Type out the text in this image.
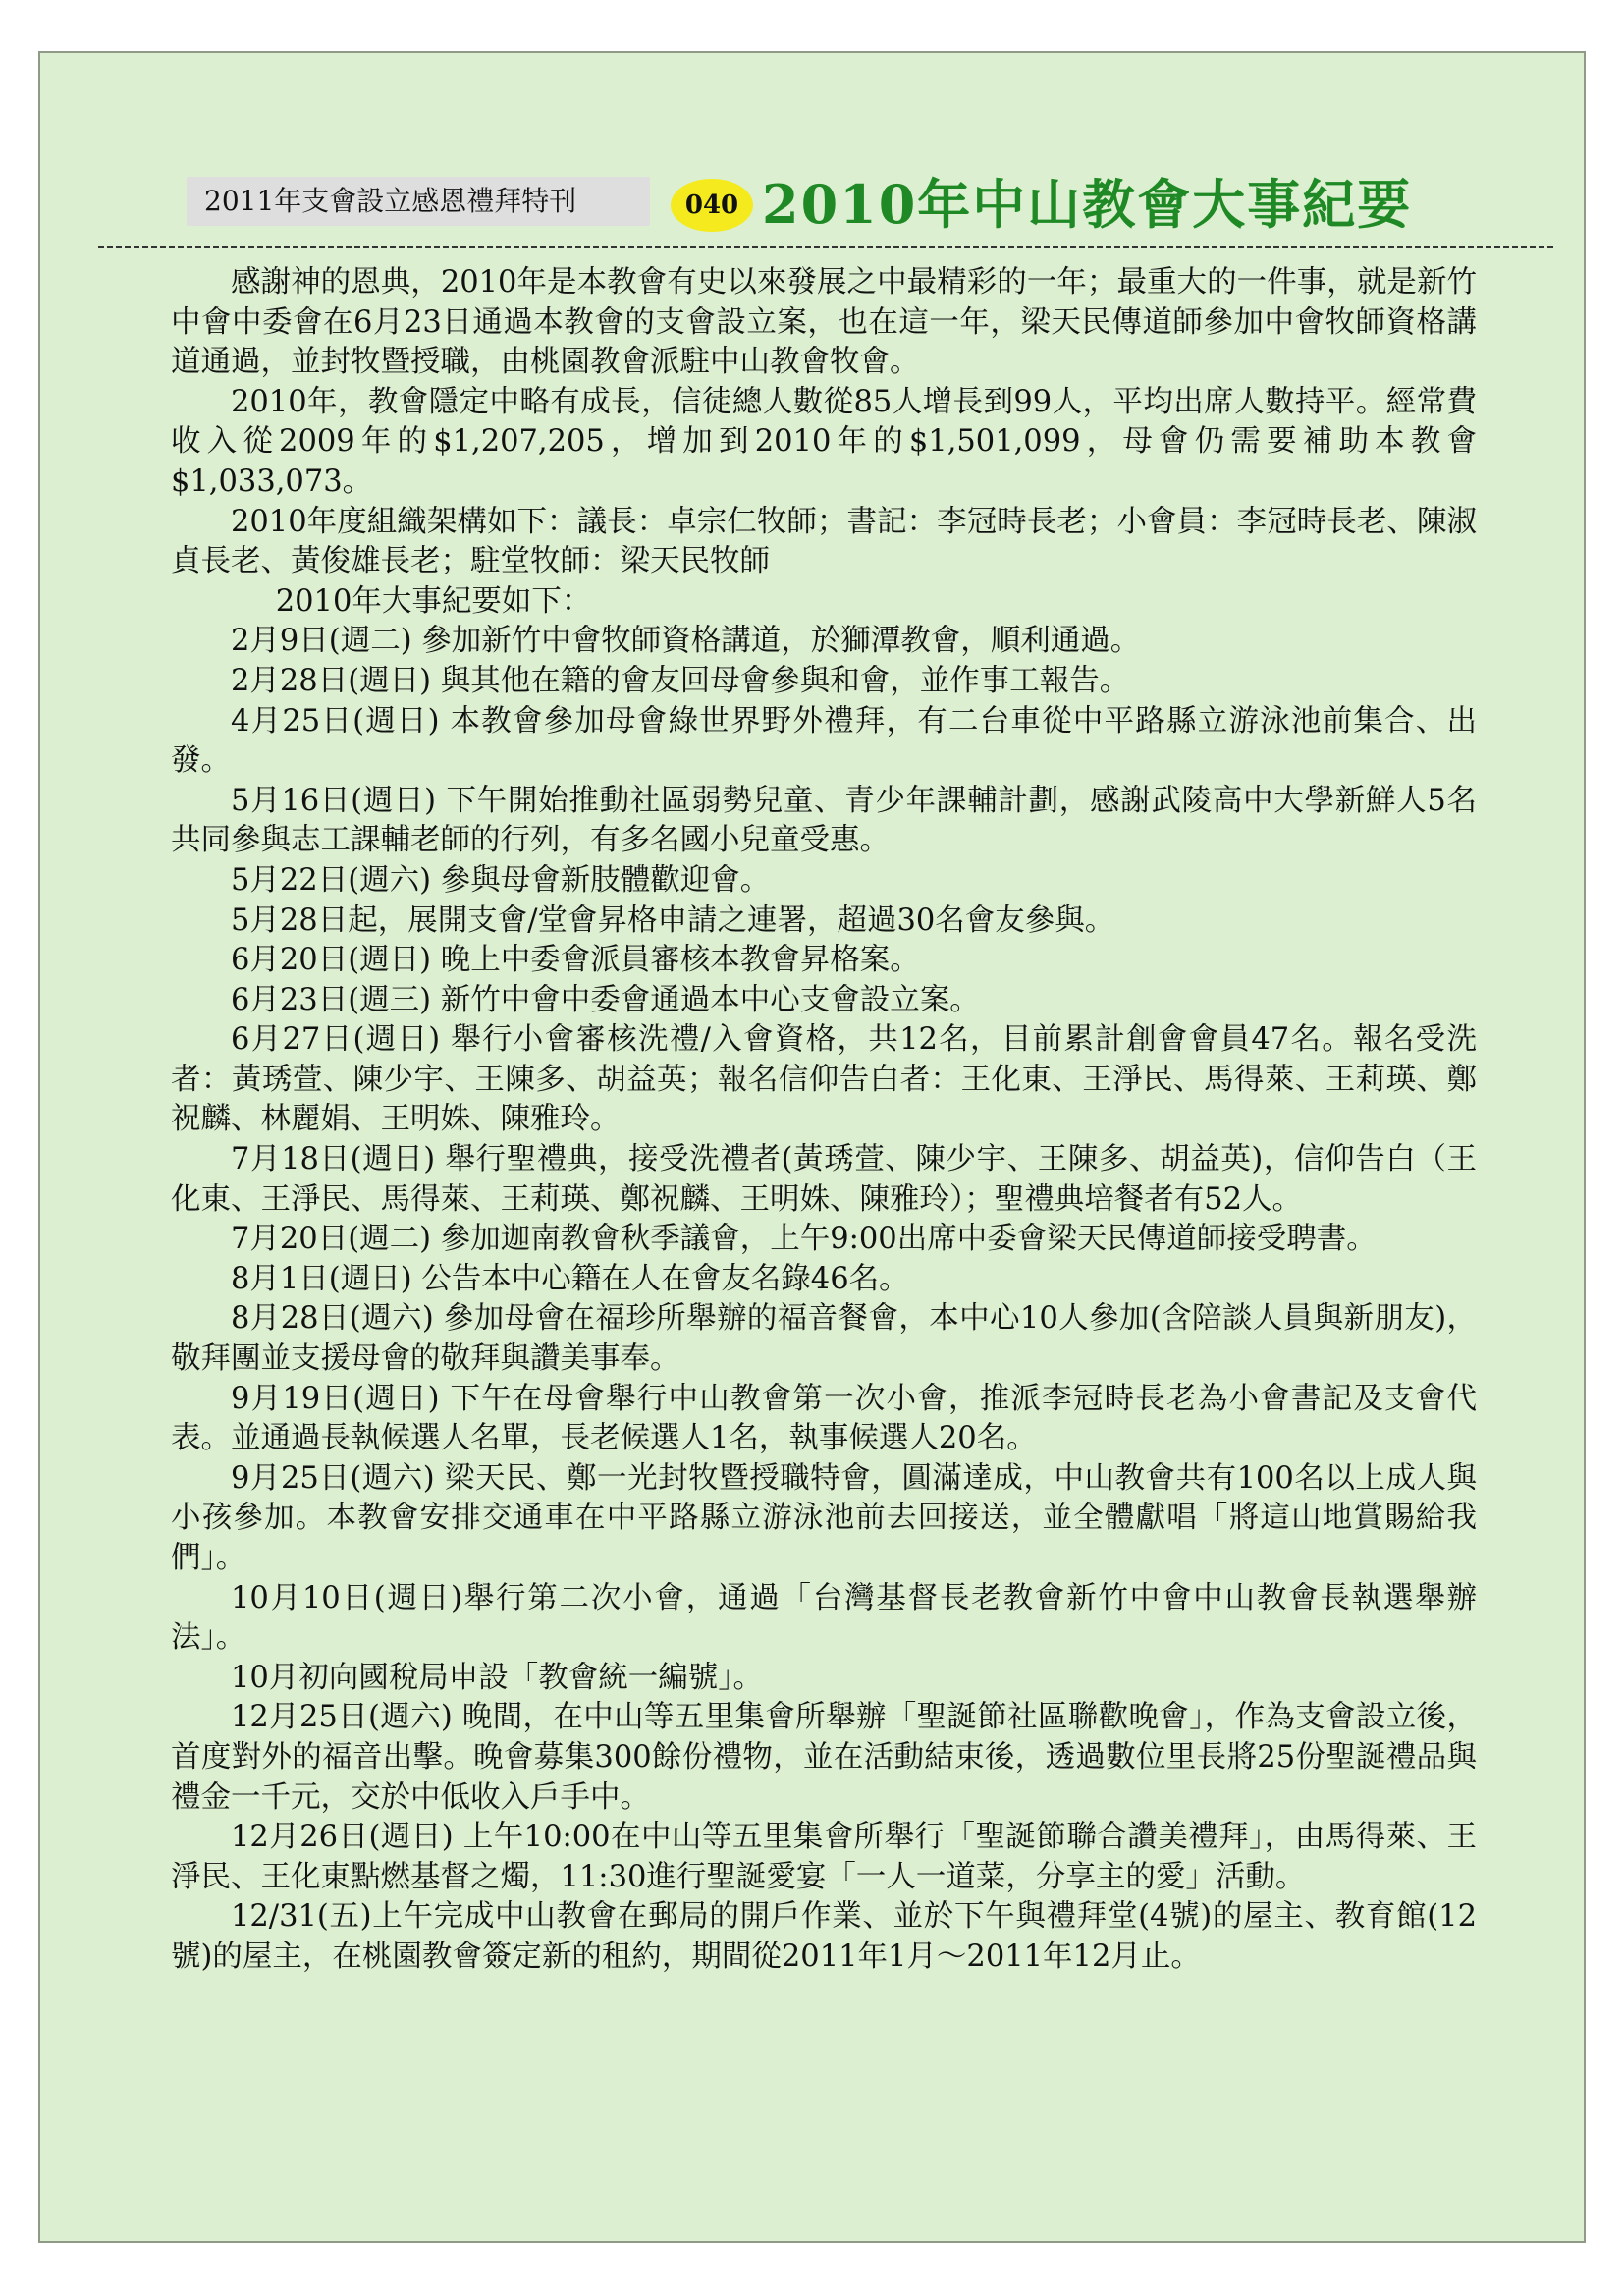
2011年支會設立感恩禮拜特刊	040 2010年中山教會大事紀要

感謝神的恩典，2010年是本教會有史以來發展之中最精彩的一年；最重大的一件事，就是新竹中會中委會在6月23日通過本教會的支會設立案，也在這一年，梁天民傳道師參加中會牧師資格講道通過，並封牧暨授職，由桃園教會派駐中山教會牧會。

2010年，教會隱定中略有成長，信徒總人數從85人增長到99人，平均出席人數持平。經常費收入從2009年的$1,207,205，增加到2010年的$1,501,099，母會仍需要補助本教會$1,033,073。

2010年度組織架構如下：議長：卓宗仁牧師；書記：李冠時長老；小會員：李冠時長老、陳淑貞長老、黃俊雄長老；駐堂牧師：梁天民牧師

2010年大事紀要如下：

2月9日(週二) 參加新竹中會牧師資格講道，於獅潭教會，順利通過。

2月28日(週日) 與其他在籍的會友回母會參與和會，並作事工報告。

4月25日(週日) 本教會參加母會綠世界野外禮拜，有二台車從中平路縣立游泳池前集合、出發。

5月16日(週日) 下午開始推動社區弱勢兒童、青少年課輔計劃，感謝武陵高中大學新鮮人5名共同參與志工課輔老師的行列，有多名國小兒童受惠。

5月22日(週六) 參與母會新肢體歡迎會。

5月28日起，展開支會/堂會昇格申請之連署，超過30名會友參與。

6月20日(週日) 晚上中委會派員審核本教會昇格案。

6月23日(週三) 新竹中會中委會通過本中心支會設立案。

6月27日(週日) 舉行小會審核洗禮/入會資格，共12名，目前累計創會會員47名。報名受洗者：黃琇萱、陳少宇、王陳多、胡益英；報名信仰告白者：王化東、王淨民、馬得萊、王莉瑛、鄭祝麟、林麗娟、王明姝、陳雅玲。

7月18日(週日) 舉行聖禮典，接受洗禮者(黃琇萱、陳少宇、王陳多、胡益英)，信仰告白（王化東、王淨民、馬得萊、王莉瑛、鄭祝麟、王明姝、陳雅玲）；聖禮典培餐者有52人。

7月20日(週二) 參加迦南教會秋季議會，上午9:00出席中委會梁天民傳道師接受聘書。

8月1日(週日) 公告本中心籍在人在會友名錄46名。

8月28日(週六) 參加母會在福珍所舉辦的福音餐會，本中心10人參加(含陪談人員與新朋友)，敬拜團並支援母會的敬拜與讚美事奉。

9月19日(週日) 下午在母會舉行中山教會第一次小會，推派李冠時長老為小會書記及支會代表。並通過長執候選人名單，長老候選人1名，執事候選人20名。

9月25日(週六) 梁天民、鄭一光封牧暨授職特會，圓滿達成，中山教會共有100名以上成人與小孩參加。本教會安排交通車在中平路縣立游泳池前去回接送，並全體獻唱「將這山地賞賜給我們」。

10月10日(週日)舉行第二次小會，通過「台灣基督長老教會新竹中會中山教會長執選舉辦法」。

10月初向國稅局申設「教會統一編號」。

12月25日(週六) 晚間，在中山等五里集會所舉辦「聖誕節社區聯歡晚會」，作為支會設立後，首度對外的福音出擊。晚會募集300餘份禮物，並在活動結束後，透過數位里長將25份聖誕禮品與禮金一千元，交於中低收入戶手中。

12月26日(週日) 上午10:00在中山等五里集會所舉行「聖誕節聯合讚美禮拜」，由馬得萊、王淨民、王化東點燃基督之燭，11:30進行聖誕愛宴「一人一道菜，分享主的愛」活動。

12/31(五)上午完成中山教會在郵局的開戶作業、並於下午與禮拜堂(4號)的屋主、教育館(12號)的屋主，在桃園教會簽定新的租約，期間從2011年1月～2011年12月止。
